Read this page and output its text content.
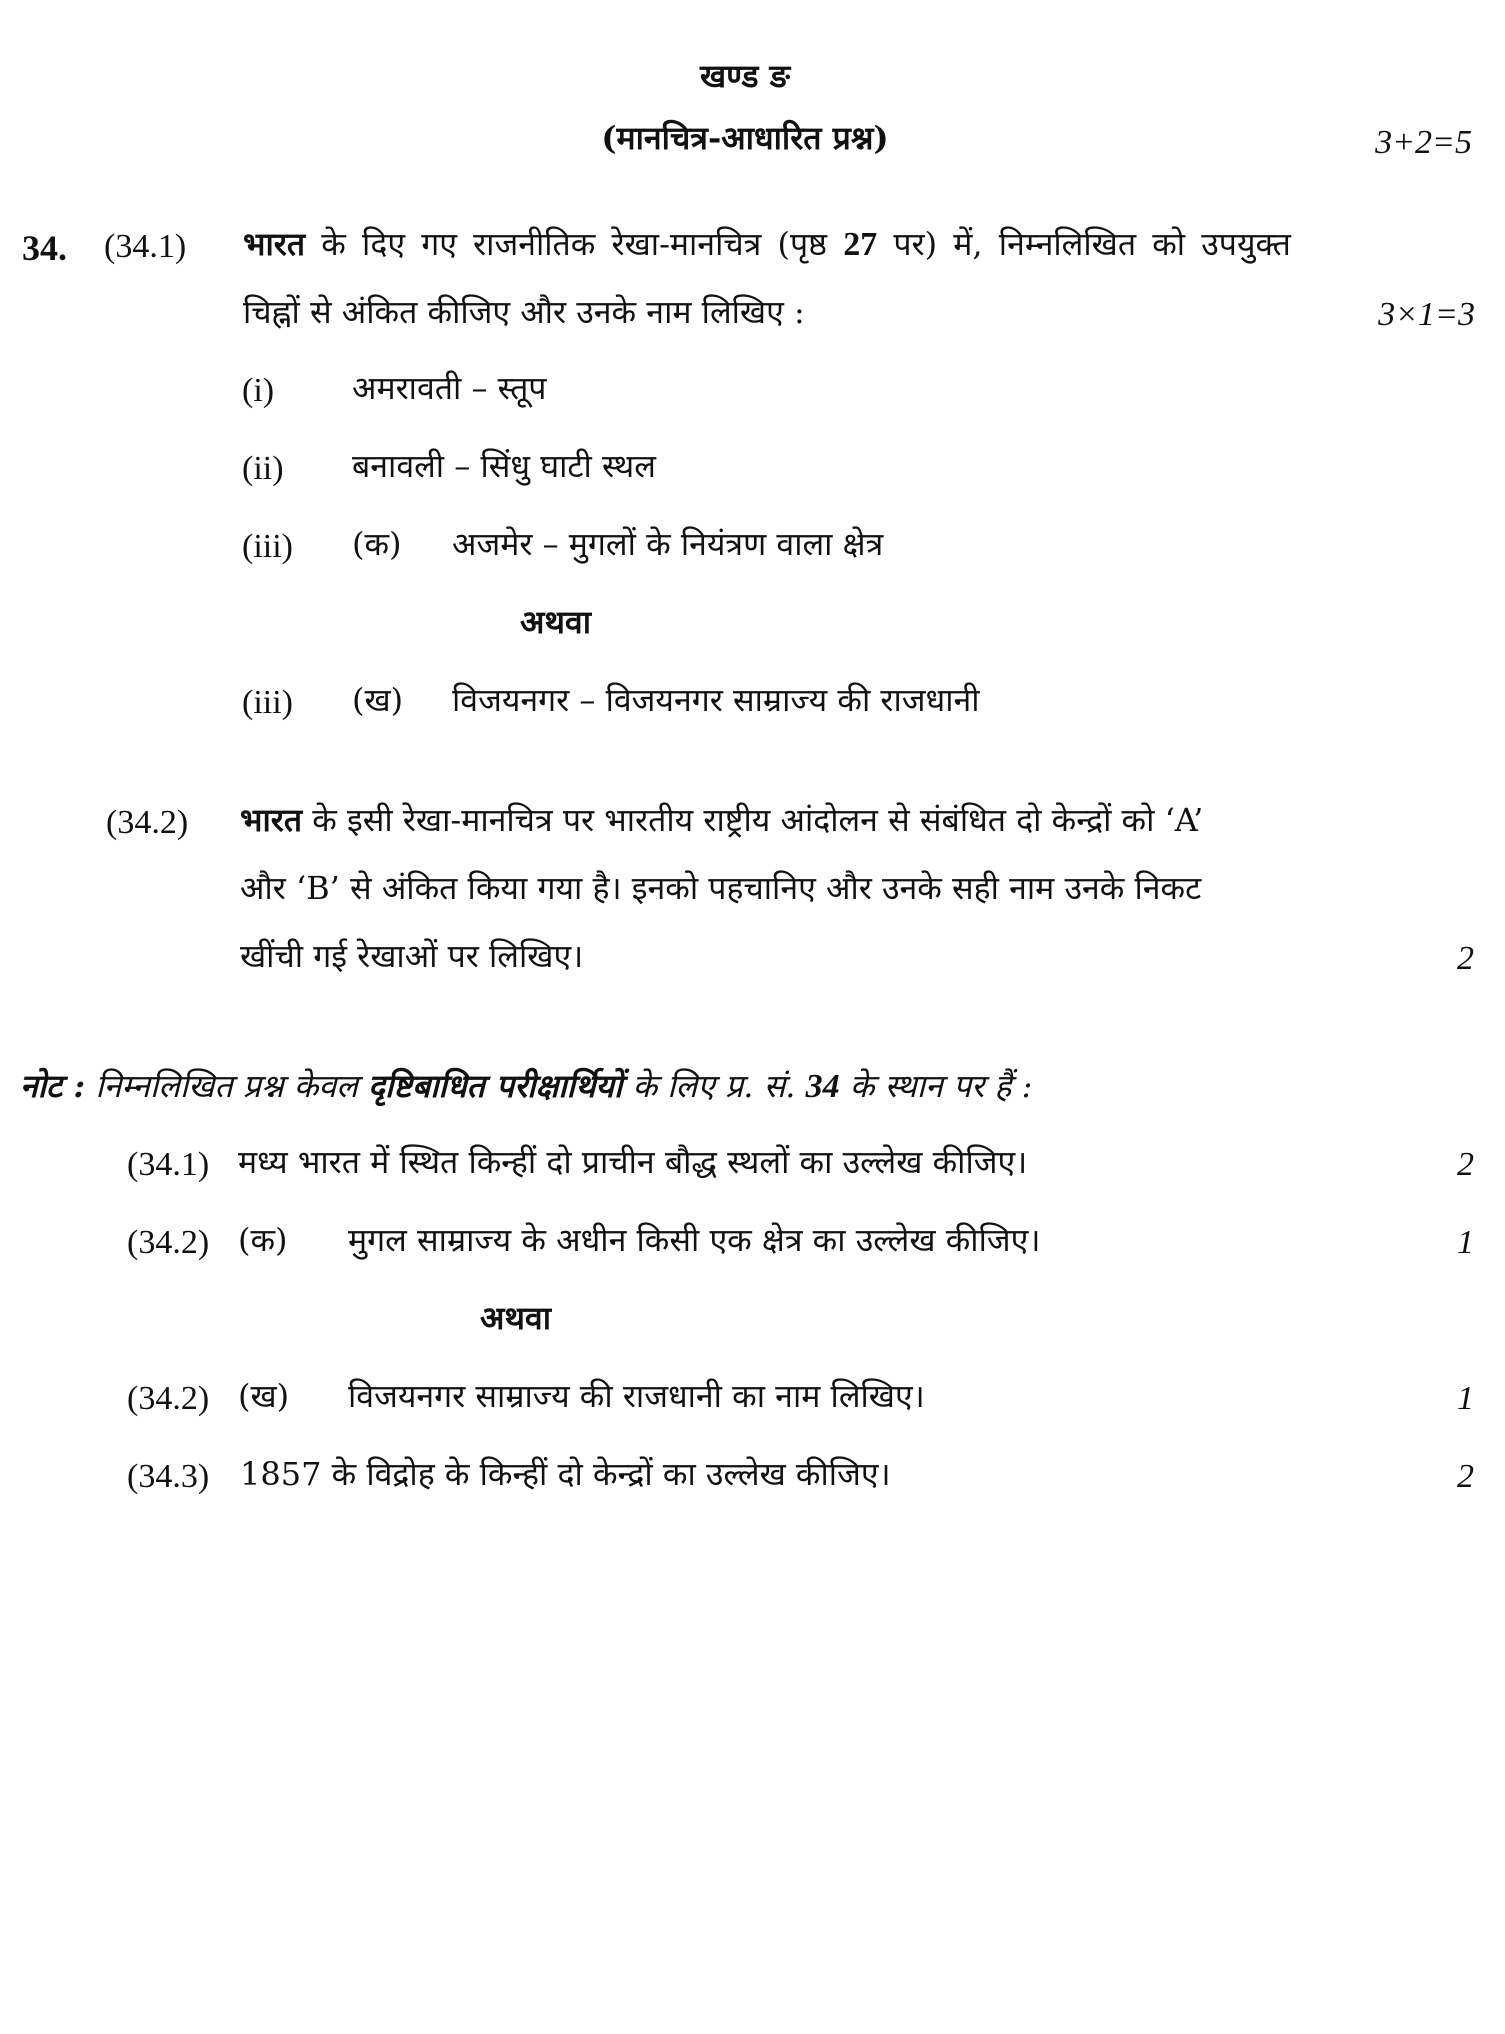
खण्ड ङ
(मानचित्र-आधारित प्रश्न)	3+2=5
34. (34.1) भारत के दिए गए राजनीतिक रेखा-मानचित्र (पृष्ठ 27 पर) में, निम्नलिखित को उपयुक्त
चिह्नों से अंकित कीजिए और उनके नाम लिखिए :	3×1=3
(i) अमरावती – स्तूप
(ii) बनावली – सिंधु घाटी स्थल
(iii) (क) अजमेर – मुगलों के नियंत्रण वाला क्षेत्र
अथवा
(iii) (ख) विजयनगर – विजयनगर साम्राज्य की राजधानी
(34.2) भारत के इसी रेखा-मानचित्र पर भारतीय राष्ट्रीय आंदोलन से संबंधित दो केन्द्रों को ‘A’
और ‘B’ से अंकित किया गया है। इनको पहचानिए और उनके सही नाम उनके निकट
खींची गई रेखाओं पर लिखिए।	2
नोट : निम्नलिखित प्रश्न केवल दृष्टिबाधित परीक्षार्थियों के लिए प्र. सं. 34 के स्थान पर हैं :
(34.1) मध्य भारत में स्थित किन्हीं दो प्राचीन बौद्ध स्थलों का उल्लेख कीजिए।	2
(34.2) (क) मुगल साम्राज्य के अधीन किसी एक क्षेत्र का उल्लेख कीजिए।	1
अथवा
(34.2) (ख) विजयनगर साम्राज्य की राजधानी का नाम लिखिए।	1
(34.3) 1857 के विद्रोह के किन्हीं दो केन्द्रों का उल्लेख कीजिए।	2
